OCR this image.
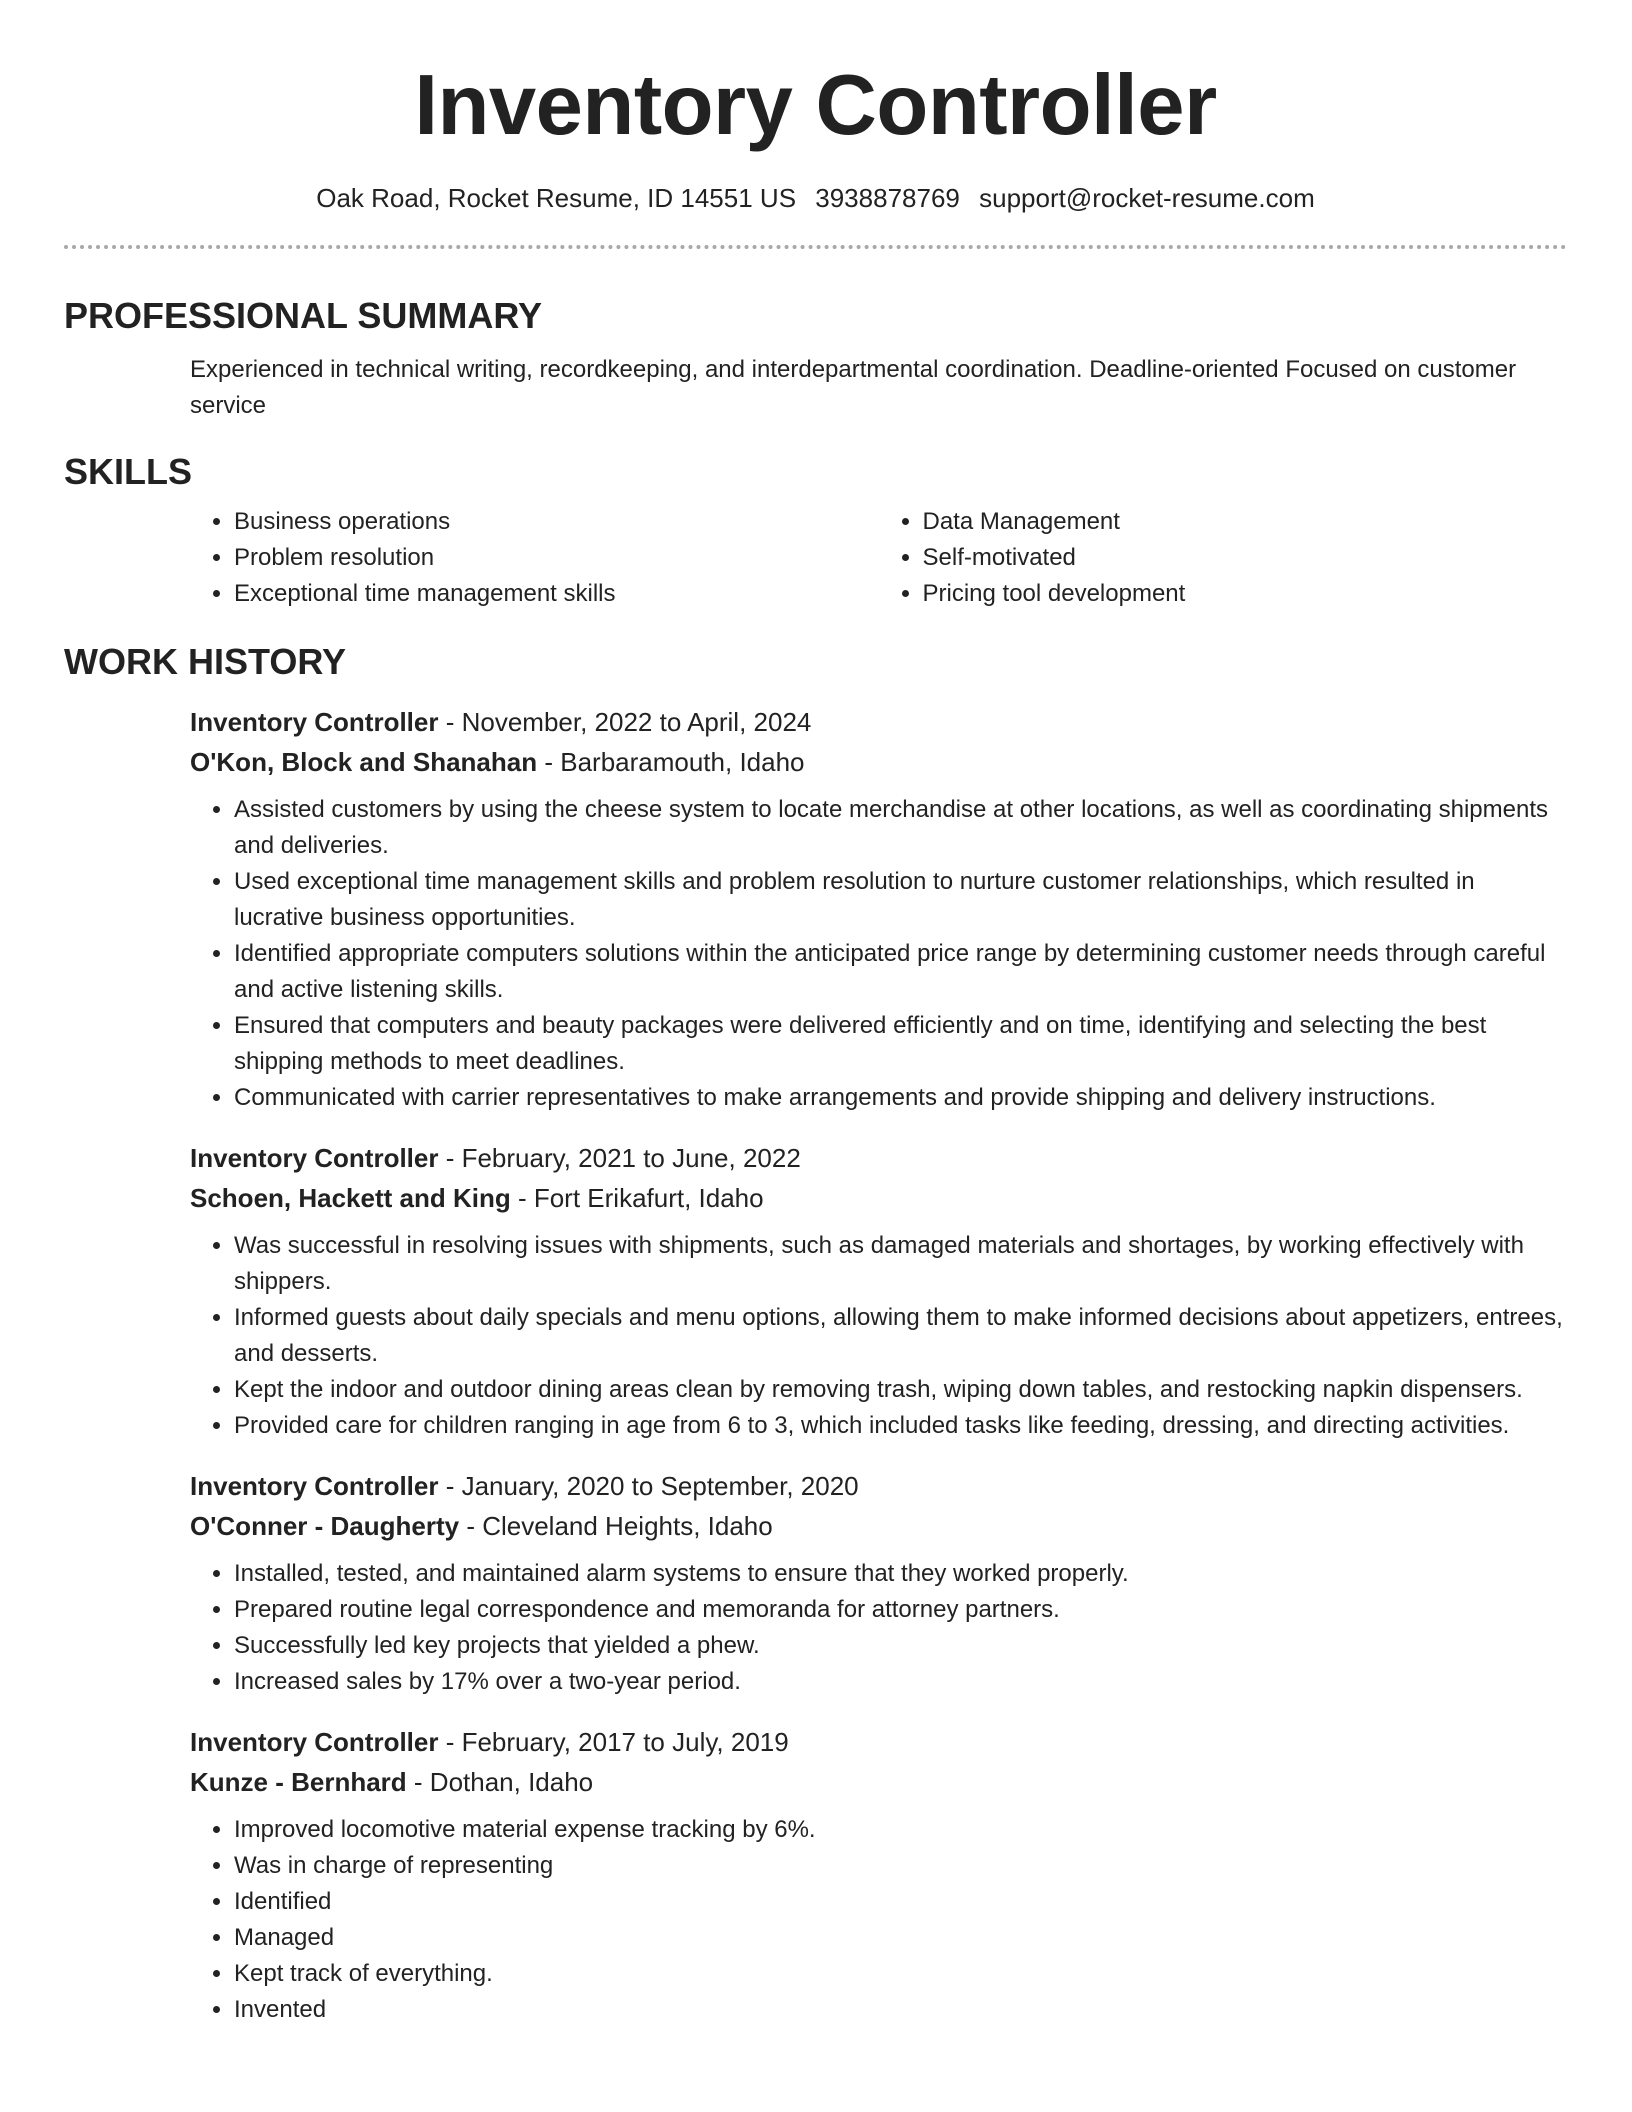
Inventory Controller
Oak Road, Rocket Resume, ID 14551 US 3938878769 support@rocket-resume.com
PROFESSIONAL SUMMARY
Experienced in technical writing, recordkeeping, and interdepartmental coordination. Deadline-oriented Focused on customer service
SKILLS
• Business operations
• Problem resolution
• Exceptional time management skills
• Data Management
• Self-motivated
• Pricing tool development
WORK HISTORY
Inventory Controller - November, 2022 to April, 2024
O'Kon, Block and Shanahan - Barbaramouth, Idaho
• Assisted customers by using the cheese system to locate merchandise at other locations, as well as coordinating shipments and deliveries.
• Used exceptional time management skills and problem resolution to nurture customer relationships, which resulted in lucrative business opportunities.
• Identified appropriate computers solutions within the anticipated price range by determining customer needs through careful and active listening skills.
• Ensured that computers and beauty packages were delivered efficiently and on time, identifying and selecting the best shipping methods to meet deadlines.
• Communicated with carrier representatives to make arrangements and provide shipping and delivery instructions.
Inventory Controller - February, 2021 to June, 2022
Schoen, Hackett and King - Fort Erikafurt, Idaho
• Was successful in resolving issues with shipments, such as damaged materials and shortages, by working effectively with shippers.
• Informed guests about daily specials and menu options, allowing them to make informed decisions about appetizers, entrees, and desserts.
• Kept the indoor and outdoor dining areas clean by removing trash, wiping down tables, and restocking napkin dispensers.
• Provided care for children ranging in age from 6 to 3, which included tasks like feeding, dressing, and directing activities.
Inventory Controller - January, 2020 to September, 2020
O'Conner - Daugherty - Cleveland Heights, Idaho
• Installed, tested, and maintained alarm systems to ensure that they worked properly.
• Prepared routine legal correspondence and memoranda for attorney partners.
• Successfully led key projects that yielded a phew.
• Increased sales by 17% over a two-year period.
Inventory Controller - February, 2017 to July, 2019
Kunze - Bernhard - Dothan, Idaho
• Improved locomotive material expense tracking by 6%.
• Was in charge of representing
• Identified
• Managed
• Kept track of everything.
• Invented
